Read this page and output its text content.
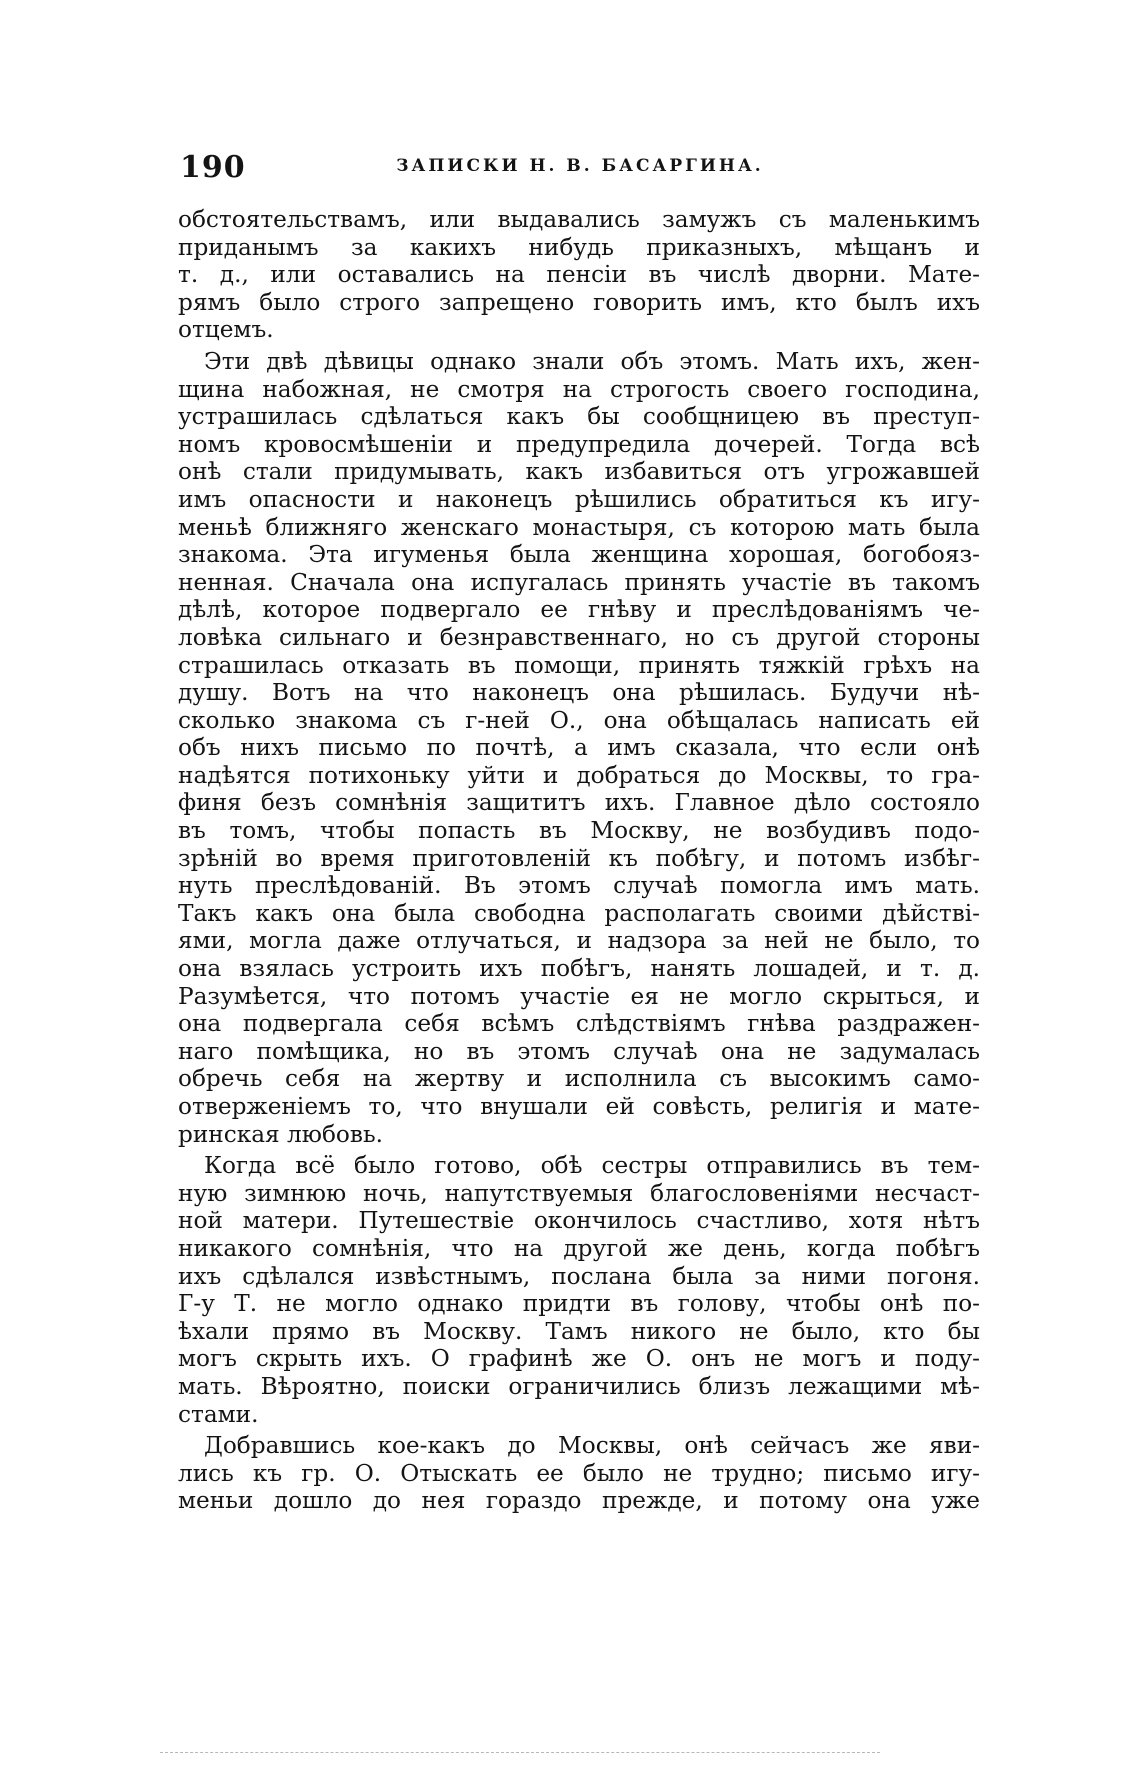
190	ЗАПИСКИ Н. В. БАСАРГИНА.
обстоятельствамъ, или выдавались замужъ съ маленькимъ
приданымъ за какихъ нибудь приказныхъ, мѣщанъ и
т. д., или оставались на пенсіи въ числѣ дворни. Мате-
рямъ было строго запрещено говорить имъ, кто былъ ихъ
отцемъ.
Эти двѣ дѣвицы однако знали объ этомъ. Мать ихъ, жен-
щина набожная, не смотря на строгость своего господина,
устрашилась сдѣлаться какъ бы сообщницею въ преступ-
номъ кровосмѣшеніи и предупредила дочерей. Тогда всѣ
онѣ стали придумывать, какъ избавиться отъ угрожавшей
имъ опасности и наконецъ рѣшились обратиться къ игу-
меньѣ ближняго женскаго монастыря, съ которою мать была
знакома. Эта игуменья была женщина хорошая, богобояз-
ненная. Сначала она испугалась принять участіе въ такомъ
дѣлѣ, которое подвергало ее гнѣву и преслѣдованіямъ че-
ловѣка сильнаго и безнравственнаго, но съ другой стороны
страшилась отказать въ помощи, принять тяжкій грѣхъ на
душу. Вотъ на что наконецъ она рѣшилась. Будучи нѣ-
сколько знакома съ г-ней О., она обѣщалась написать ей
объ нихъ письмо по почтѣ, а имъ сказала, что если онѣ
надѣятся потихоньку уйти и добраться до Москвы, то гра-
финя безъ сомнѣнія защититъ ихъ. Главное дѣло состояло
въ томъ, чтобы попасть въ Москву, не возбудивъ подо-
зрѣній во время приготовленій къ побѣгу, и потомъ избѣг-
нуть преслѣдованій. Въ этомъ случаѣ помогла имъ мать.
Такъ какъ она была свободна располагать своими дѣйствi-
ями, могла даже отлучаться, и надзора за ней не было, то
она взялась устроить ихъ побѣгъ, нанять лошадей, и т. д.
Разумѣется, что потомъ участіе ея не могло скрыться, и
она подвергала себя всѣмъ слѣдствіямъ гнѣва раздражен-
наго помѣщика, но въ этомъ случаѣ она не задумалась
обречь себя на жертву и исполнила съ высокимъ само-
отверженіемъ то, что внушали ей совѣсть, религія и мате-
ринская любовь.
Когда всё было готово, обѣ сестры отправились въ тем-
ную зимнюю ночь, напутствуемыя благословеніями несчаст-
ной матери. Путешествіе окончилось счастливо, хотя нѣтъ
никакого сомнѣнія, что на другой же день, когда побѣгъ
ихъ сдѣлался извѣстнымъ, послана была за ними погоня.
Г-у Т. не могло однако придти въ голову, чтобы онѣ по-
ѣхали прямо въ Москву. Тамъ никого не было, кто бы
могъ скрыть ихъ. О графинѣ же О. онъ не могъ и поду-
мать. Вѣроятно, поиски ограничились близъ лежащими мѣ-
стами.
Добравшись кое-какъ до Москвы, онѣ сейчасъ же яви-
лись къ гр. О. Отыскать ее было не трудно; письмо игу-
меньи дошло до нея гораздо прежде, и потому она уже
